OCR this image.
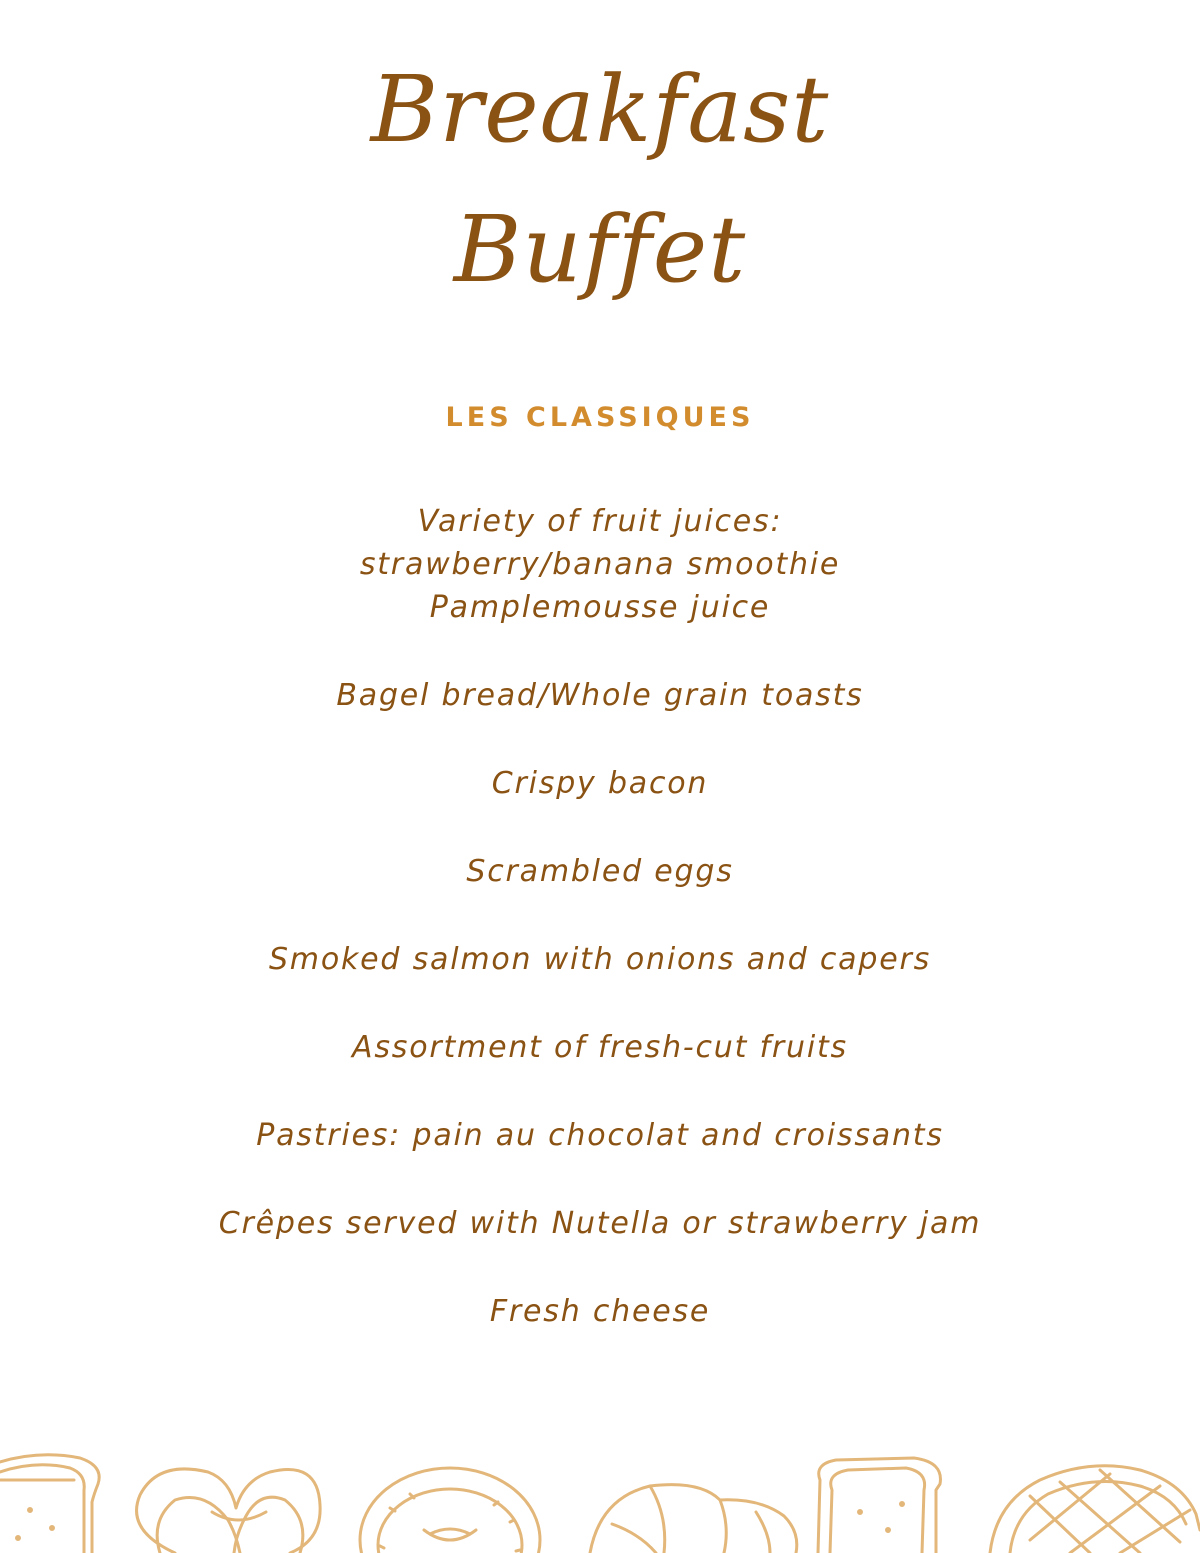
Breakfast
Buffet
LES CLASSIQUES
Variety of fruit juices:
strawberry/banana smoothie
Pamplemousse juice
Bagel bread/Whole grain toasts
Crispy bacon
Scrambled eggs
Smoked salmon with onions and capers
Assortment of fresh-cut fruits
Pastries: pain au chocolat and croissants
Crêpes served with Nutella or strawberry jam
Fresh cheese
